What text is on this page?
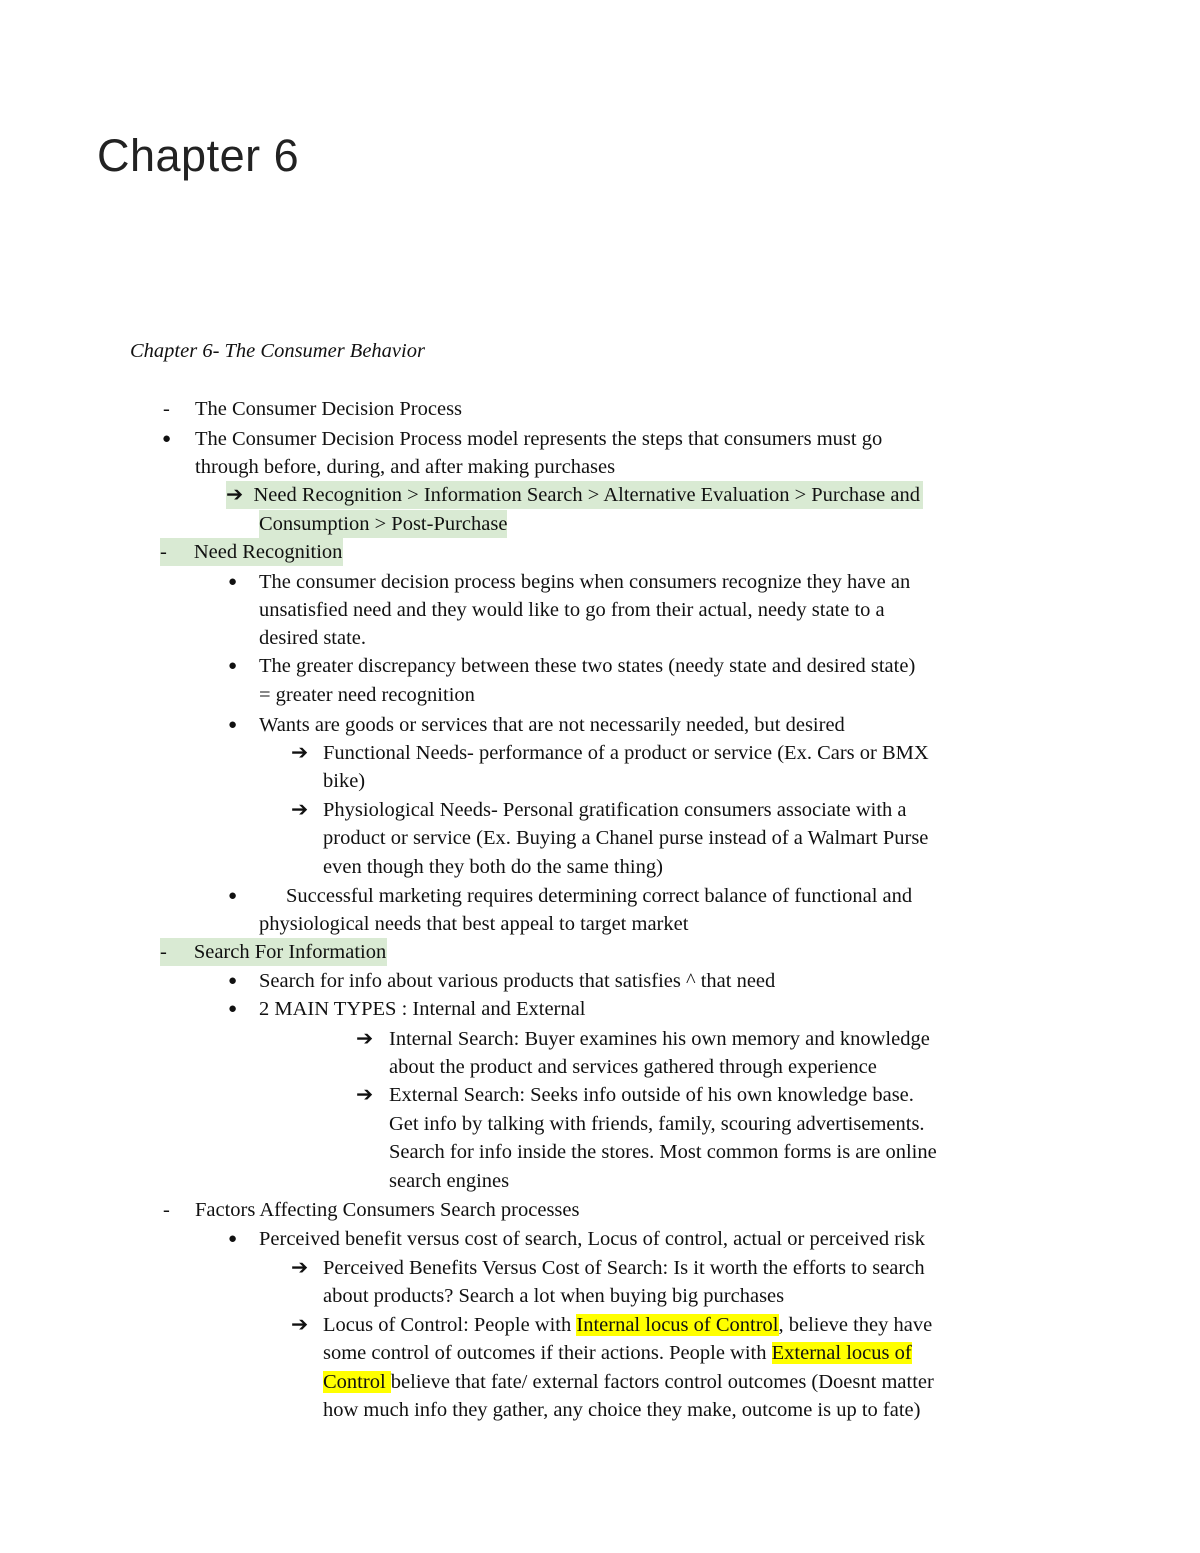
Chapter 6
Chapter 6- The Consumer Behavior
- The Consumer Decision Process
● The Consumer Decision Process model represents the steps that consumers must go
through before, during, and after making purchases
➔ Need Recognition > Information Search > Alternative Evaluation > Purchase and
Consumption > Post-Purchase
- Need Recognition
● The consumer decision process begins when consumers recognize they have an
unsatisfied need and they would like to go from their actual, needy state to a
desired state.
● The greater discrepancy between these two states (needy state and desired state)
= greater need recognition
● Wants are goods or services that are not necessarily needed, but desired
➔ Functional Needs- performance of a product or service (Ex. Cars or BMX
bike)
➔ Physiological Needs- Personal gratification consumers associate with a
product or service (Ex. Buying a Chanel purse instead of a Walmart Purse
even though they both do the same thing)
● Successful marketing requires determining correct balance of functional and
physiological needs that best appeal to target market
- Search For Information
● Search for info about various products that satisfies ^ that need
● 2 MAIN TYPES : Internal and External
➔ Internal Search: Buyer examines his own memory and knowledge
about the product and services gathered through experience
➔ External Search: Seeks info outside of his own knowledge base.
Get info by talking with friends, family, scouring advertisements.
Search for info inside the stores. Most common forms is are online
search engines
- Factors Affecting Consumers Search processes
● Perceived benefit versus cost of search, Locus of control, actual or perceived risk
➔ Perceived Benefits Versus Cost of Search: Is it worth the efforts to search
about products? Search a lot when buying big purchases
➔ Locus of Control: People with Internal locus of Control, believe they have
some control of outcomes if their actions. People with External locus of
Control believe that fate/ external factors control outcomes (Doesnt matter
how much info they gather, any choice they make, outcome is up to fate)
